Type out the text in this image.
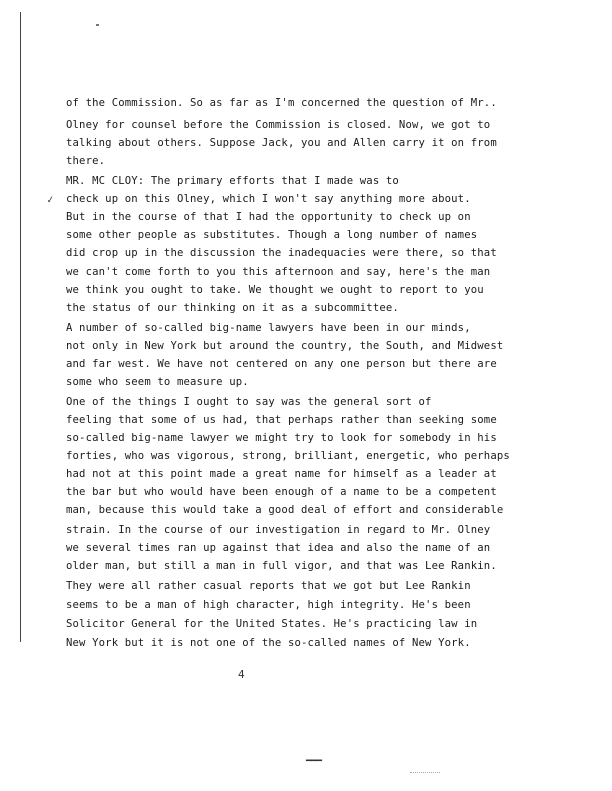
✓
of the Commission. So as far as I'm concerned the question of Mr..
Olney for counsel before the Commission is closed. Now, we got to
talking about others. Suppose Jack, you and Allen carry it on from
there.
MR. MC CLOY: The primary efforts that I made was to
check up on this Olney, which I won't say anything more about.
But in the course of that I had the opportunity to check up on
some other people as substitutes. Though a long number of names
did crop up in the discussion the inadequacies were there, so that
we can't come forth to you this afternoon and say, here's the man
we think you ought to take. We thought we ought to report to you
the status of our thinking on it as a subcommittee.
A number of so-called big-name lawyers have been in our minds,
not only in New York but around the country, the South, and Midwest
and far west. We have not centered on any one person but there are
some who seem to measure up.
One of the things I ought to say was the general sort of
feeling that some of us had, that perhaps rather than seeking some
so-called big-name lawyer we might try to look for somebody in his
forties, who was vigorous, strong, brilliant, energetic, who perhaps
had not at this point made a great name for himself as a leader at
the bar but who would have been enough of a name to be a competent
man, because this would take a good deal of effort and considerable
strain. In the course of our investigation in regard to Mr. Olney
we several times ran up against that idea and also the name of an
older man, but still a man in full vigor, and that was Lee Rankin.
They were all rather casual reports that we got but Lee Rankin
seems to be a man of high character, high integrity. He's been
Solicitor General for the United States. He's practicing law in
New York but it is not one of the so-called names of New York.
4
▔▔▔
